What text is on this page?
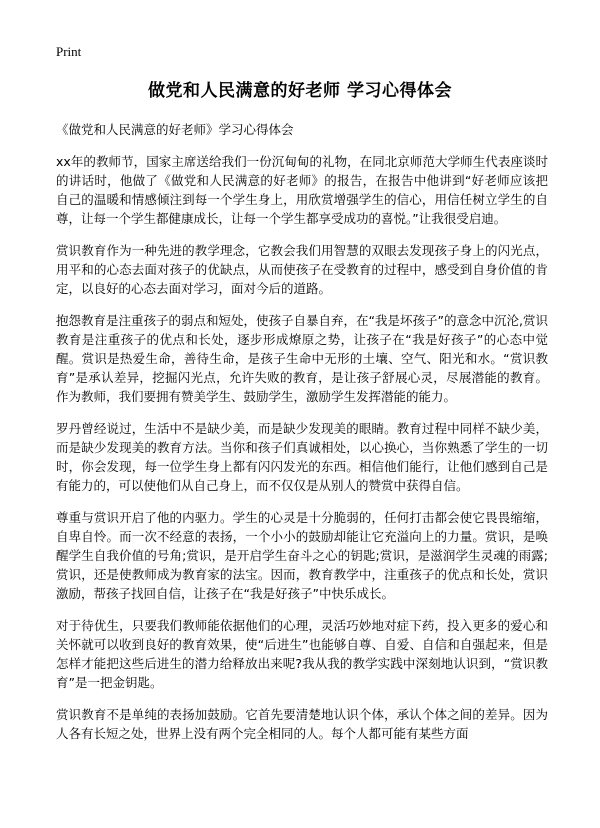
Print
做党和人民满意的好老师 学习心得体会
《做党和人民满意的好老师》学习心得体会

xx年的教师节，国家主席送给我们一份沉甸甸的礼物，在同北京师范大学师生代表座谈时的讲话时，他做了《做党和人民满意的好老师》的报告，在报告中他讲到“好老师应该把自己的温暖和情感倾注到每一个学生身上，用欣赏增强学生的信心，用信任树立学生的自尊，让每一个学生都健康成长，让每一个学生都享受成功的喜悦。”让我很受启迪。

赏识教育作为一种先进的教学理念，它教会我们用智慧的双眼去发现孩子身上的闪光点，用平和的心态去面对孩子的优缺点，从而使孩子在受教育的过程中，感受到自身价值的肯定，以良好的心态去面对学习，面对今后的道路。

抱怨教育是注重孩子的弱点和短处，使孩子自暴自弃，在“我是坏孩子”的意念中沉沦,赏识教育是注重孩子的优点和长处，逐步形成燎原之势，让孩子在“我是好孩子”的心态中觉醒。赏识是热爱生命，善待生命，是孩子生命中无形的土壤、空气、阳光和水。“赏识教育”是承认差异，挖掘闪光点，允许失败的教育，是让孩子舒展心灵，尽展潜能的教育。作为教师，我们要拥有赞美学生、鼓励学生，激励学生发挥潜能的能力。

罗丹曾经说过，生活中不是缺少美，而是缺少发现美的眼睛。教育过程中同样不缺少美，而是缺少发现美的教育方法。当你和孩子们真诚相处，以心换心，当你熟悉了学生的一切时，你会发现，每一位学生身上都有闪闪发光的东西。相信他们能行，让他们感到自己是有能力的，可以使他们从自己身上，而不仅仅是从别人的赞赏中获得自信。

尊重与赏识开启了他的内驱力。学生的心灵是十分脆弱的，任何打击都会使它畏畏缩缩，自卑自怜。而一次不经意的表扬，一个小小的鼓励却能让它充溢向上的力量。赏识，是唤醒学生自我价值的号角;赏识，是开启学生奋斗之心的钥匙;赏识，是滋润学生灵魂的雨露;赏识，还是使教师成为教育家的法宝。因而，教育教学中，注重孩子的优点和长处，赏识激励，帮孩子找回自信，让孩子在“我是好孩子”中快乐成长。

对于待优生，只要我们教师能依据他们的心理，灵活巧妙地对症下药，投入更多的爱心和关怀就可以收到良好的教育效果，使“后进生”也能够自尊、自爱、自信和自强起来，但是怎样才能把这些后进生的潜力给释放出来呢?我从我的教学实践中深刻地认识到，“赏识教育”是一把金钥匙。

赏识教育不是单纯的表扬加鼓励。它首先要清楚地认识个体，承认个体之间的差异。因为人各有长短之处，世界上没有两个完全相同的人。每个人都可能有某些方面
